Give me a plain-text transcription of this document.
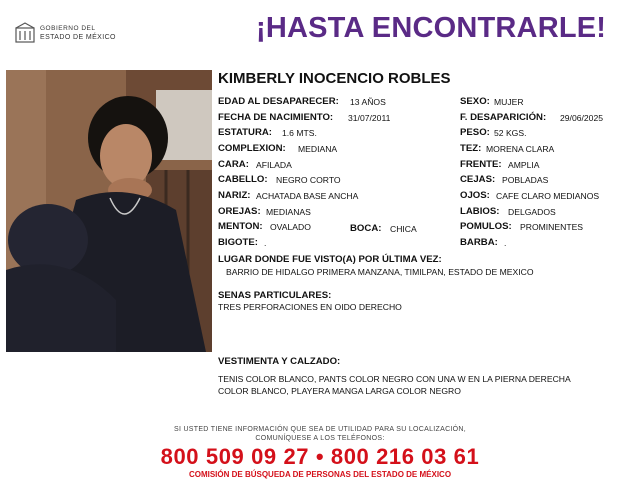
GOBIERNO DEL
ESTADO DE MÉXICO	¡HASTA ENCONTRARLE!
KIMBERLY INOCENCIO ROBLES
EDAD AL DESAPARECER: 13 AÑOS
FECHA DE NACIMIENTO: 31/07/2011
ESTATURA: 1.6 MTS.
COMPLEXION: MEDIANA
CARA: AFILADA
CABELLO: NEGRO CORTO
NARIZ: ACHATADA BASE ANCHA
OREJAS: MEDIANAS
MENTON: OVALADO	BOCA: CHICA
BIGOTE: .
SEXO: MUJER
F. DESAPARICIÓN: 29/06/2025
PESO: 52 KGS.
TEZ: MORENA CLARA
FRENTE: AMPLIA
CEJAS: POBLADAS
OJOS: CAFE CLARO MEDIANOS
LABIOS: DELGADOS
POMULOS: PROMINENTES
BARBA: .
LUGAR DONDE FUE VISTO(A) POR ÚLTIMA VEZ:
BARRIO DE HIDALGO PRIMERA MANZANA, TIMILPAN, ESTADO DE MEXICO
SENAS PARTICULARES:
TRES PERFORACIONES EN OIDO DERECHO
VESTIMENTA Y CALZADO:
TENIS COLOR BLANCO, PANTS COLOR NEGRO CON UNA W EN LA PIERNA DERECHA
COLOR BLANCO, PLAYERA MANGA LARGA COLOR NEGRO
SI USTED TIENE INFORMACIÓN QUE SEA DE UTILIDAD PARA SU LOCALIZACIÓN,
COMUNÍQUESE A LOS TELÉFONOS:
800 509 09 27 • 800 216 03 61
COMISIÓN DE BÚSQUEDA DE PERSONAS DEL ESTADO DE MÉXICO
